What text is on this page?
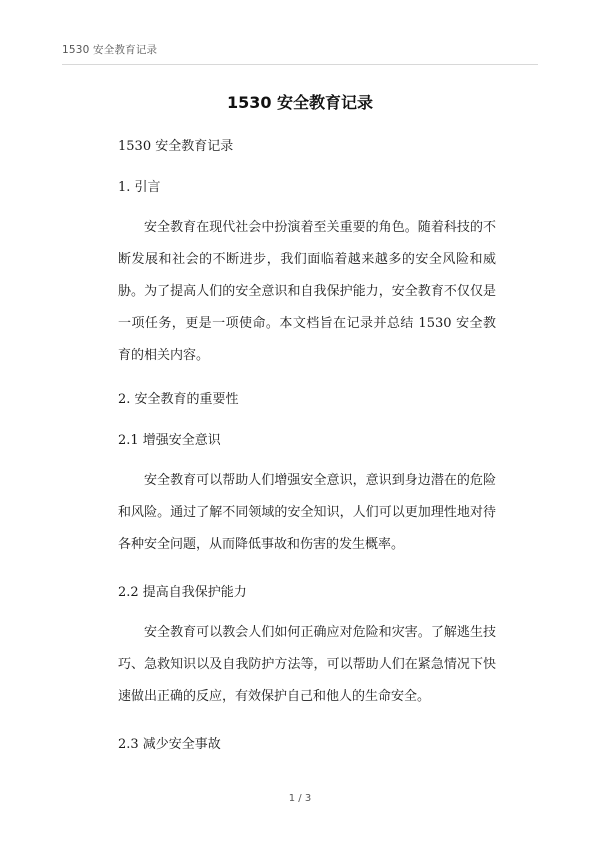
1530 安全教育记录
1530 安全教育记录
1530 安全教育记录
1. 引言
安全教育在现代社会中扮演着至关重要的角色。随着科技的不断发展和社会的不断进步，我们面临着越来越多的安全风险和威胁。为了提高人们的安全意识和自我保护能力，安全教育不仅仅是一项任务，更是一项使命。本文档旨在记录并总结 1530 安全教育的相关内容。
2. 安全教育的重要性
2.1 增强安全意识
安全教育可以帮助人们增强安全意识，意识到身边潜在的危险和风险。通过了解不同领域的安全知识，人们可以更加理性地对待各种安全问题，从而降低事故和伤害的发生概率。
2.2 提高自我保护能力
安全教育可以教会人们如何正确应对危险和灾害。了解逃生技巧、急救知识以及自我防护方法等，可以帮助人们在紧急情况下快速做出正确的反应，有效保护自己和他人的生命安全。
2.3 减少安全事故
1 / 3
